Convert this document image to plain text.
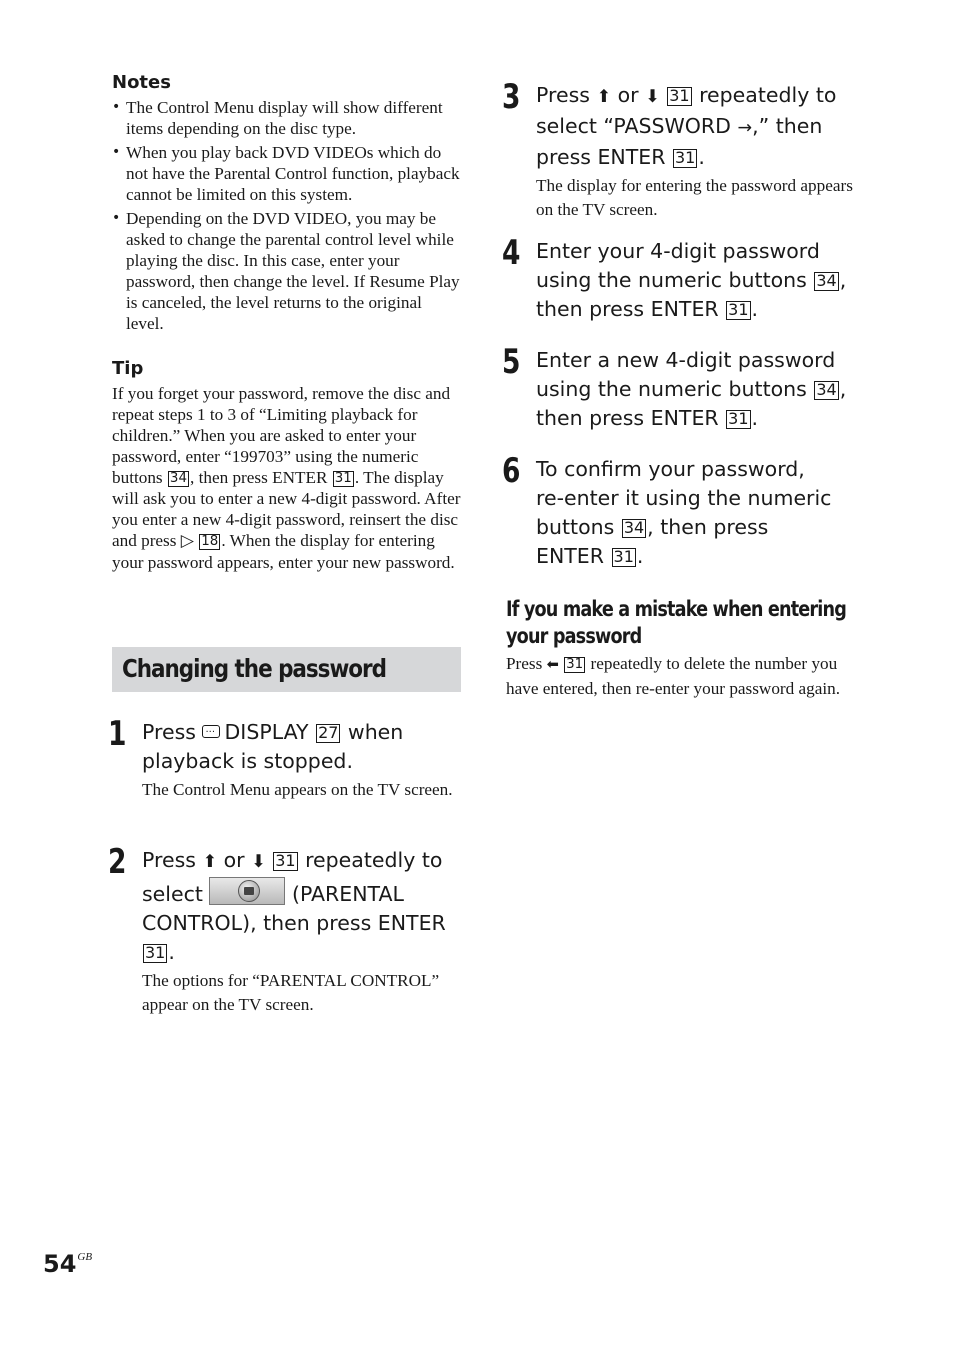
Notes
• The Control Menu display will show different items depending on the disc type.
• When you play back DVD VIDEOs which do not have the Parental Control function, playback cannot be limited on this system.
• Depending on the DVD VIDEO, you may be asked to change the parental control level while playing the disc. In this case, enter your password, then change the level. If Resume Play is canceled, the level returns to the original level.
Tip
If you forget your password, remove the disc and repeat steps 1 to 3 of “Limiting playback for children.” When you are asked to enter your password, enter “199703” using the numeric buttons 34 , then press ENTER 31 . The display will ask you to enter a new 4-digit password. After you enter a new 4-digit password, reinsert the disc and press ▷ 18 . When the display for entering your password appears, enter your new password.
Changing the password
1 Press ···DISPLAY 27 when playback is stopped.
The Control Menu appears on the TV screen.
2 Press ⬆ or ⬇ 31 repeatedly to select	(PARENTAL CONTROL), then press ENTER 31 .
The options for “PARENTAL CONTROL” appear on the TV screen.
3 Press ⬆ or ⬇ 31 repeatedly to select “PASSWORD →,” then press ENTER 31 .
The display for entering the password appears on the TV screen.
4 Enter your 4-digit password using the numeric buttons 34 , then press ENTER 31 .
5 Enter a new 4-digit password using the numeric buttons 34 , then press ENTER 31 .
6 To confirm your password, re-enter it using the numeric buttons 34 , then press ENTER 31 .
If you make a mistake when entering your password
Press ⬅ 31 repeatedly to delete the number you have entered, then re-enter your password again.
$54^{GB}$
